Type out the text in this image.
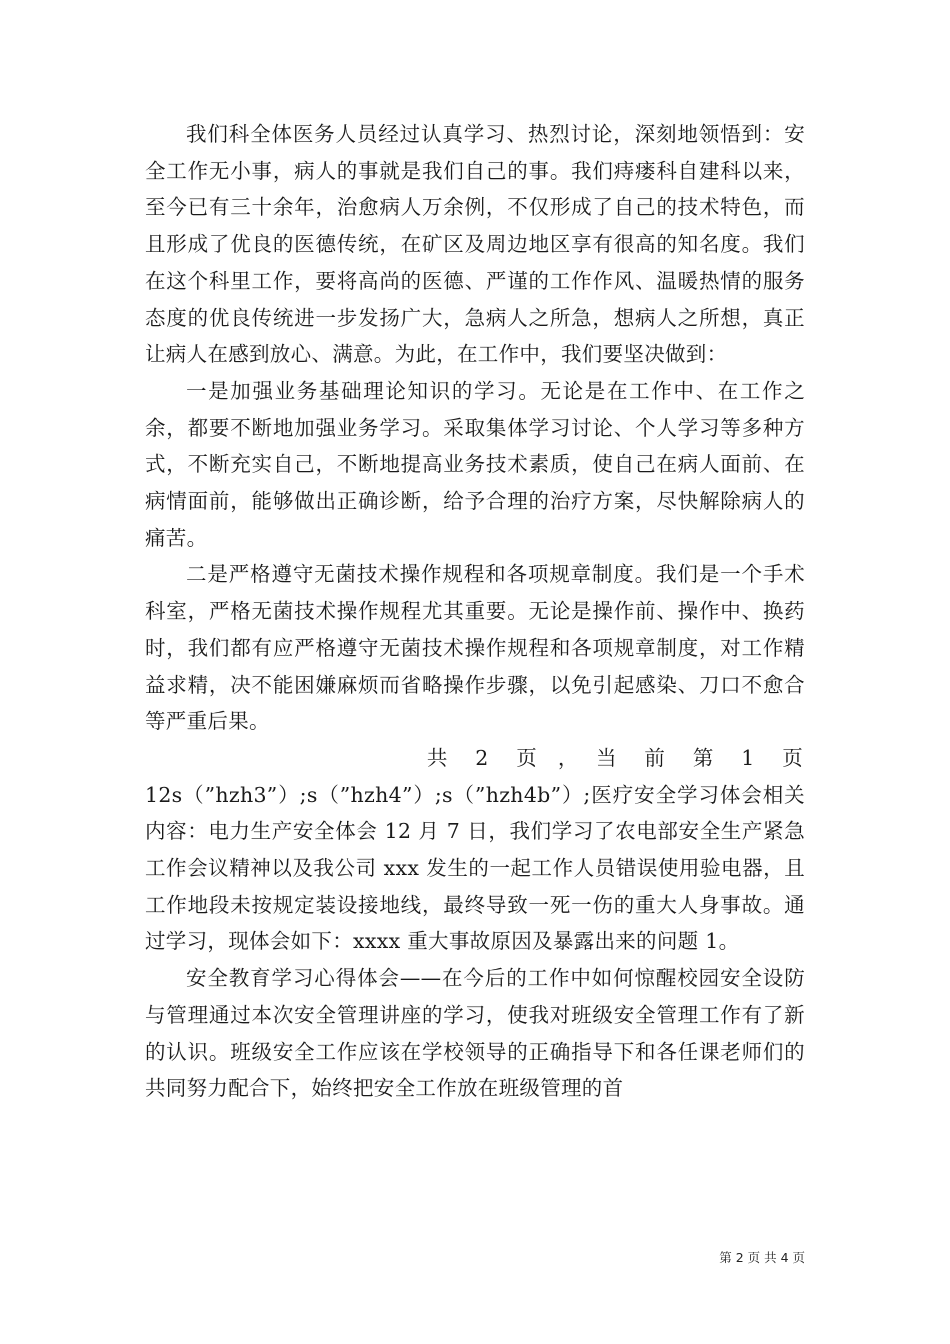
我们科全体医务人员经过认真学习、热烈讨论，深刻地领悟到：安全工作无小事，病人的事就是我们自己的事。我们痔瘘科自建科以来，至今已有三十余年，治愈病人万余例，不仅形成了自己的技术特色，而且形成了优良的医德传统，在矿区及周边地区享有很高的知名度。我们在这个科里工作，要将高尚的医德、严谨的工作作风、温暖热情的服务态度的优良传统进一步发扬广大，急病人之所急，想病人之所想，真正让病人在感到放心、满意。为此，在工作中，我们要坚决做到：

一是加强业务基础理论知识的学习。无论是在工作中、在工作之余，都要不断地加强业务学习。采取集体学习讨论、个人学习等多种方式，不断充实自己，不断地提高业务技术素质，使自己在病人面前、在病情面前，能够做出正确诊断，给予合理的治疗方案，尽快解除病人的痛苦。

二是严格遵守无菌技术操作规程和各项规章制度。我们是一个手术科室，严格无菌技术操作规程尤其重要。无论是操作前、操作中、换药时，我们都有应严格遵守无菌技术操作规程和各项规章制度，对工作精益求精，决不能困嫌麻烦而省略操作步骤，以免引起感染、刀口不愈合等严重后果。

共　 2　 页　，　 当　 前　 第　 1　 页

12s（”hzh3”）;s（”hzh4”）;s（”hzh4b”）;医疗安全学习体会相关内容：电力生产安全体会 12 月 7 日，我们学习了农电部安全生产紧急工作会议精神以及我公司 xxx 发生的一起工作人员错误使用验电器，且工作地段未按规定装设接地线，最终导致一死一伤的重大人身事故。通过学习，现体会如下：xxxx 重大事故原因及暴露出来的问题 1。

安全教育学习心得体会——在今后的工作中如何惊醒校园安全设防与管理通过本次安全管理讲座的学习，使我对班级安全管理工作有了新的认识。班级安全工作应该在学校领导的正确指导下和各任课老师们的共同努力配合下，始终把安全工作放在班级管理的首

第 2 页 共 4 页
